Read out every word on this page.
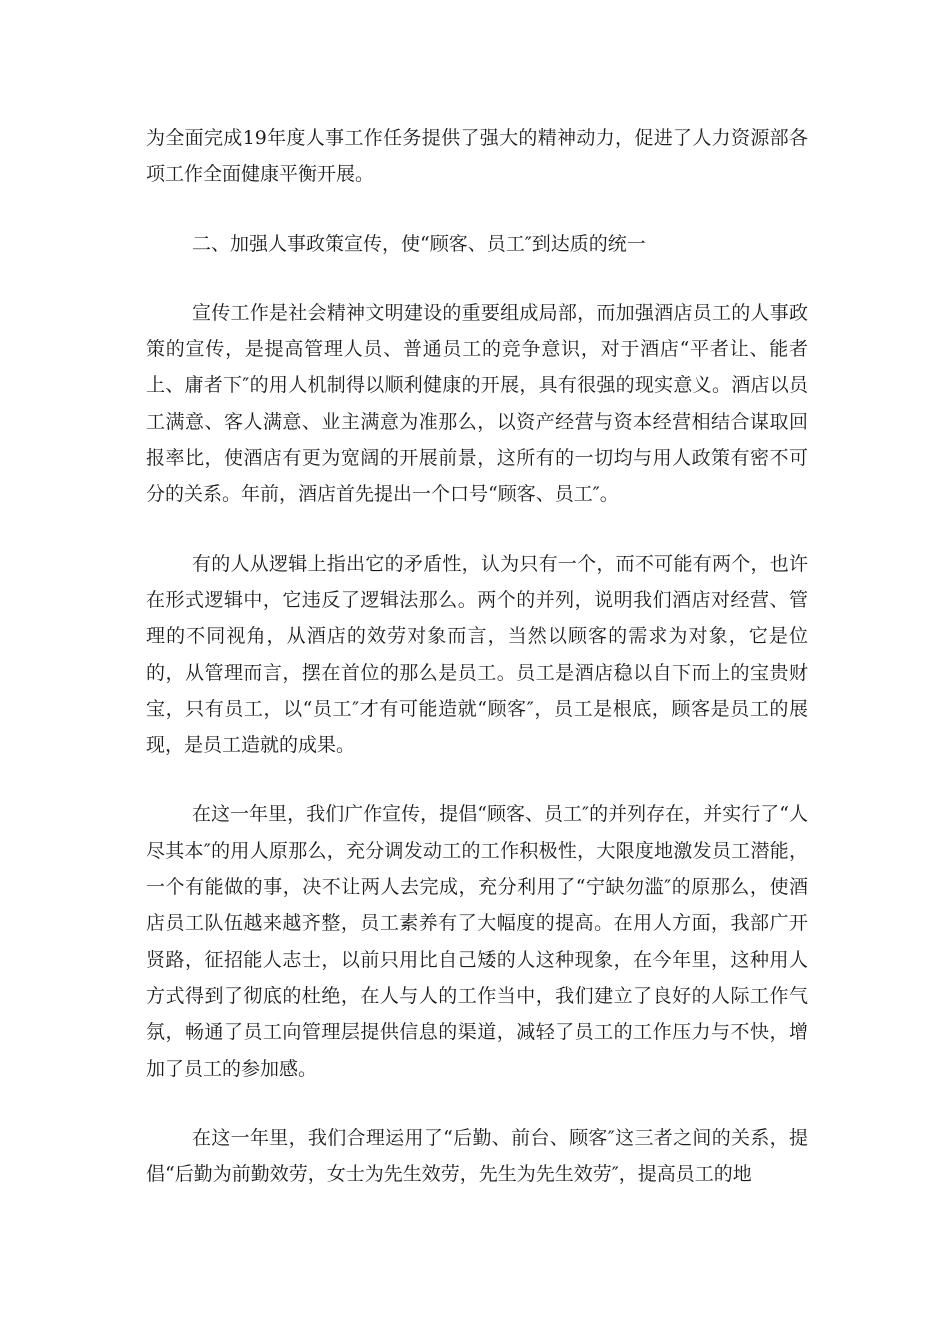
为全面完成19年度人事工作任务提供了强大的精神动力，促进了人力资源部各项工作全面健康平衡开展。

二、加强人事政策宣传，使“顾客、员工″到达质的统一

宣传工作是社会精神文明建设的重要组成局部，而加强酒店员工的人事政策的宣传，是提高管理人员、普通员工的竞争意识，对于酒店“平者让、能者上、庸者下″的用人机制得以顺利健康的开展，具有很强的现实意义。酒店以员工满意、客人满意、业主满意为准那么，以资产经营与资本经营相结合谋取回报率比，使酒店有更为宽阔的开展前景，这所有的一切均与用人政策有密不可分的关系。年前，酒店首先提出一个口号“顾客、员工″。

有的人从逻辑上指出它的矛盾性，认为只有一个，而不可能有两个，也许在形式逻辑中，它违反了逻辑法那么。两个的并列，说明我们酒店对经营、管理的不同视角，从酒店的效劳对象而言，当然以顾客的需求为对象，它是位的，从管理而言，摆在首位的那么是员工。员工是酒店稳以自下而上的宝贵财宝，只有员工，以“员工″才有可能造就“顾客″，员工是根底，顾客是员工的展现，是员工造就的成果。

在这一年里，我们广作宣传，提倡“顾客、员工″的并列存在，并实行了“人尽其本″的用人原那么，充分调发动工的工作积极性，大限度地激发员工潜能，一个有能做的事，决不让两人去完成，充分利用了“宁缺勿滥″的原那么，使酒店员工队伍越来越齐整，员工素养有了大幅度的提高。在用人方面，我部广开贤路，征招能人志士，以前只用比自己矮的人这种现象，在今年里，这种用人方式得到了彻底的杜绝，在人与人的工作当中，我们建立了良好的人际工作气氛，畅通了员工向管理层提供信息的渠道，减轻了员工的工作压力与不快，增加了员工的参加感。

在这一年里，我们合理运用了“后勤、前台、顾客″这三者之间的关系，提倡“后勤为前勤效劳，女士为先生效劳，先生为先生效劳″，提高员工的地
